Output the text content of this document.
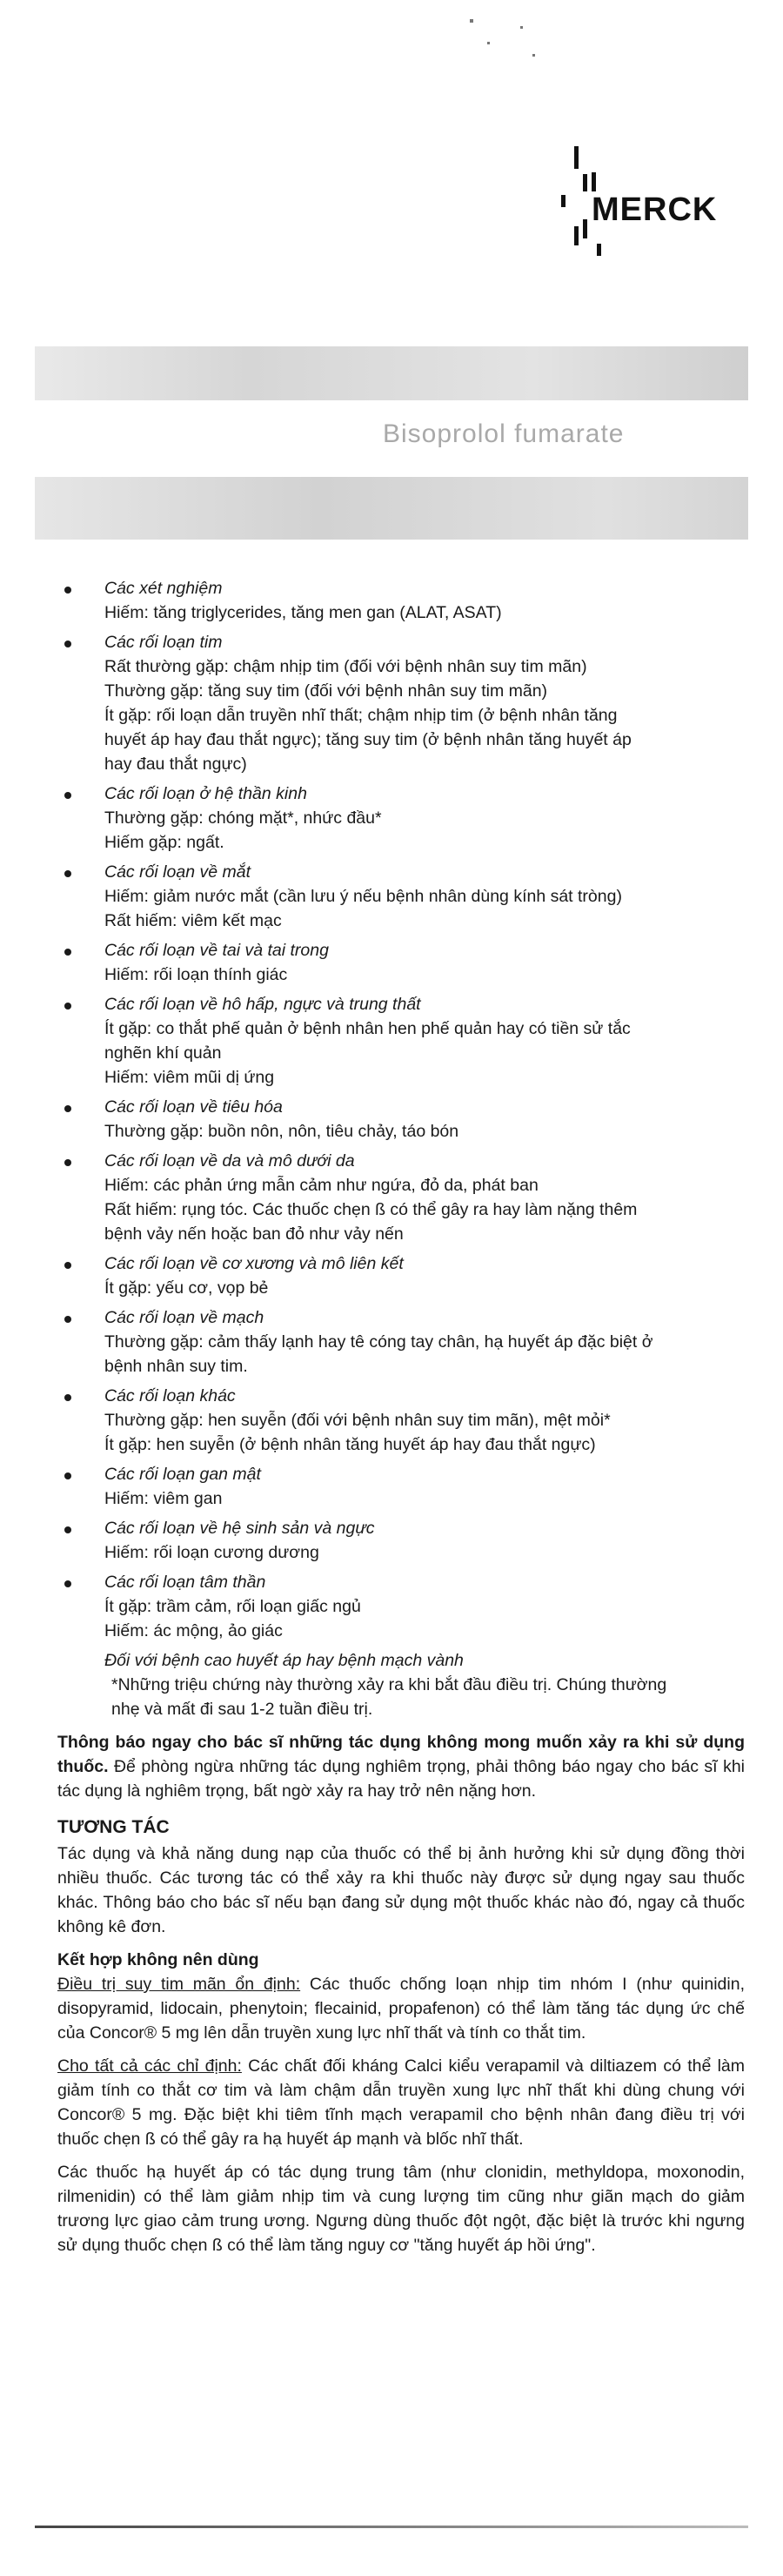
MERCK
Bisoprolol fumarate
Các xét nghiệm
Hiếm: tăng triglycerides, tăng men gan (ALAT, ASAT)
Các rối loạn tim
Rất thường gặp: chậm nhịp tim (đối với bệnh nhân suy tim mãn)
Thường gặp: tăng suy tim (đối với bệnh nhân suy tim mãn)
Ít gặp: rối loạn dẫn truyền nhĩ thất; chậm nhịp tim (ở bệnh nhân tăng
huyết áp hay đau thắt ngực); tăng suy tim (ở bệnh nhân tăng huyết áp
hay đau thắt ngực)
Các rối loạn ở hệ thần kinh
Thường gặp: chóng mặt*, nhức đầu*
Hiếm gặp: ngất.
Các rối loạn về mắt
Hiếm: giảm nước mắt (cần lưu ý nếu bệnh nhân dùng kính sát tròng)
Rất hiếm: viêm kết mạc
Các rối loạn về tai và tai trong
Hiếm: rối loạn thính giác
Các rối loạn về hô hấp, ngực và trung thất
Ít gặp: co thắt phế quản ở bệnh nhân hen phế quản hay có tiền sử tắc
nghẽn khí quản
Hiếm: viêm mũi dị ứng
Các rối loạn về tiêu hóa
Thường gặp: buồn nôn, nôn, tiêu chảy, táo bón
Các rối loạn về da và mô dưới da
Hiếm: các phản ứng mẫn cảm như ngứa, đỏ da, phát ban
Rất hiếm: rụng tóc. Các thuốc chẹn ß có thể gây ra hay làm nặng thêm
bệnh vảy nến hoặc ban đỏ như vảy nến
Các rối loạn về cơ xương và mô liên kết
Ít gặp: yếu cơ, vọp bẻ
Các rối loạn về mạch
Thường gặp: cảm thấy lạnh hay tê cóng tay chân, hạ huyết áp đặc biệt ở
bệnh nhân suy tim.
Các rối loạn khác
Thường gặp: hen suyễn (đối với bệnh nhân suy tim mãn), mệt mỏi*
Ít gặp: hen suyễn (ở bệnh nhân tăng huyết áp hay đau thắt ngực)
Các rối loạn gan mật
Hiếm: viêm gan
Các rối loạn về hệ sinh sản và ngực
Hiếm: rối loạn cương dương
Các rối loạn tâm thần
Ít gặp: trầm cảm, rối loạn giấc ngủ
Hiếm: ác mộng, ảo giác
Đối với bệnh cao huyết áp hay bệnh mạch vành
*Những triệu chứng này thường xảy ra khi bắt đầu điều trị. Chúng thường
nhẹ và mất đi sau 1-2 tuần điều trị.
Thông báo ngay cho bác sĩ những tác dụng không mong muốn xảy ra khi sử dụng thuốc. Để phòng ngừa những tác dụng nghiêm trọng, phải thông báo ngay cho bác sĩ khi tác dụng là nghiêm trọng, bất ngờ xảy ra hay trở nên nặng hơn.
TƯƠNG TÁC
Tác dụng và khả năng dung nạp của thuốc có thể bị ảnh hưởng khi sử dụng đồng thời nhiều thuốc. Các tương tác có thể xảy ra khi thuốc này được sử dụng ngay sau thuốc khác. Thông báo cho bác sĩ nếu bạn đang sử dụng một thuốc khác nào đó, ngay cả thuốc không kê đơn.
Kết hợp không nên dùng
Điều trị suy tim mãn ổn định: Các thuốc chống loạn nhịp tim nhóm I (như quinidin, disopyramid, lidocain, phenytoin; flecainid, propafenon) có thể làm tăng tác dụng ức chế của Concor® 5 mg lên dẫn truyền xung lực nhĩ thất và tính co thắt tim.
Cho tất cả các chỉ định: Các chất đối kháng Calci kiểu verapamil và diltiazem có thể làm giảm tính co thắt cơ tim và làm chậm dẫn truyền xung lực nhĩ thất khi dùng chung với Concor® 5 mg. Đặc biệt khi tiêm tĩnh mạch verapamil cho bệnh nhân đang điều trị với thuốc chẹn ß có thể gây ra hạ huyết áp mạnh và blốc nhĩ thất.
Các thuốc hạ huyết áp có tác dụng trung tâm (như clonidin, methyldopa, moxonodin, rilmenidin) có thể làm giảm nhịp tim và cung lượng tim cũng như giãn mạch do giảm trương lực giao cảm trung ương. Ngưng dùng thuốc đột ngột, đặc biệt là trước khi ngưng sử dụng thuốc chẹn ß có thể làm tăng nguy cơ "tăng huyết áp hồi ứng".
